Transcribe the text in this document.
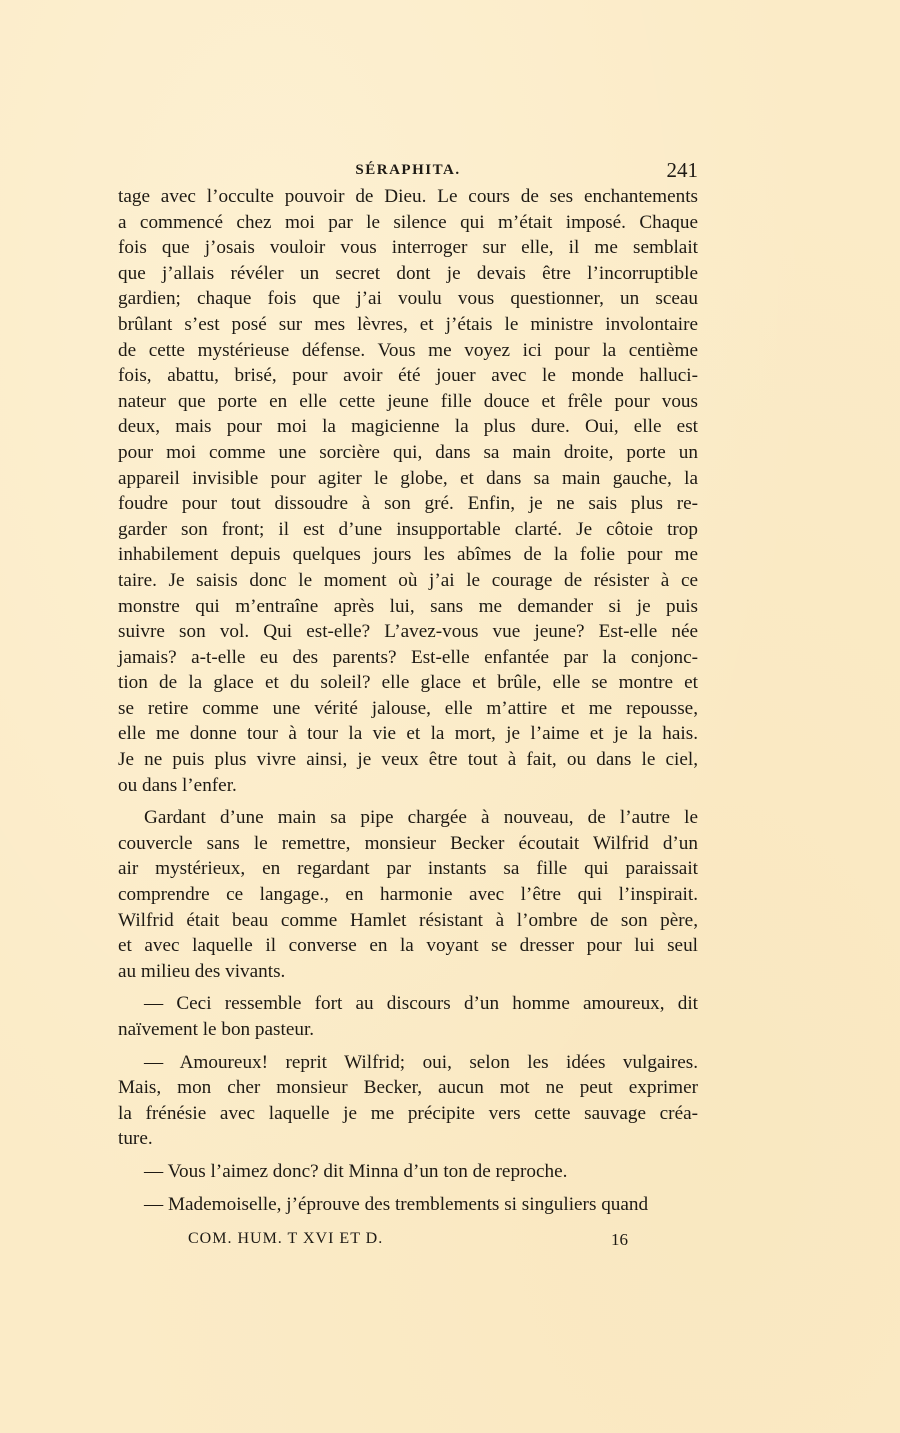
SÉRAPHITA.	241
tage avec l’occulte pouvoir de Dieu. Le cours de ses enchantements
a commencé chez moi par le silence qui m’était imposé. Chaque
fois que j’osais vouloir vous interroger sur elle, il me semblait
que j’allais révéler un secret dont je devais être l’incorruptible
gardien; chaque fois que j’ai voulu vous questionner, un sceau
brûlant s’est posé sur mes lèvres, et j’étais le ministre involontaire
de cette mystérieuse défense. Vous me voyez ici pour la centième
fois, abattu, brisé, pour avoir été jouer avec le monde halluci-
nateur que porte en elle cette jeune fille douce et frêle pour vous
deux, mais pour moi la magicienne la plus dure. Oui, elle est
pour moi comme une sorcière qui, dans sa main droite, porte un
appareil invisible pour agiter le globe, et dans sa main gauche, la
foudre pour tout dissoudre à son gré. Enfin, je ne sais plus re-
garder son front; il est d’une insupportable clarté. Je côtoie trop
inhabilement depuis quelques jours les abîmes de la folie pour me
taire. Je saisis donc le moment où j’ai le courage de résister à ce
monstre qui m’entraîne après lui, sans me demander si je puis
suivre son vol. Qui est-elle? L’avez-vous vue jeune? Est-elle née
jamais? a-t-elle eu des parents? Est-elle enfantée par la conjonc-
tion de la glace et du soleil? elle glace et brûle, elle se montre et
se retire comme une vérité jalouse, elle m’attire et me repousse,
elle me donne tour à tour la vie et la mort, je l’aime et je la hais.
Je ne puis plus vivre ainsi, je veux être tout à fait, ou dans le ciel,
ou dans l’enfer.
Gardant d’une main sa pipe chargée à nouveau, de l’autre le
couvercle sans le remettre, monsieur Becker écoutait Wilfrid d’un
air mystérieux, en regardant par instants sa fille qui paraissait
comprendre ce langage., en harmonie avec l’être qui l’inspirait.
Wilfrid était beau comme Hamlet résistant à l’ombre de son père,
et avec laquelle il converse en la voyant se dresser pour lui seul
au milieu des vivants.
— Ceci ressemble fort au discours d’un homme amoureux, dit
naïvement le bon pasteur.
— Amoureux! reprit Wilfrid; oui, selon les idées vulgaires.
Mais, mon cher monsieur Becker, aucun mot ne peut exprimer
la frénésie avec laquelle je me précipite vers cette sauvage créa-
ture.
— Vous l’aimez donc? dit Minna d’un ton de reproche.
— Mademoiselle, j’éprouve des tremblements si singuliers quand
COM. HUM. T XVI ET D.	16
